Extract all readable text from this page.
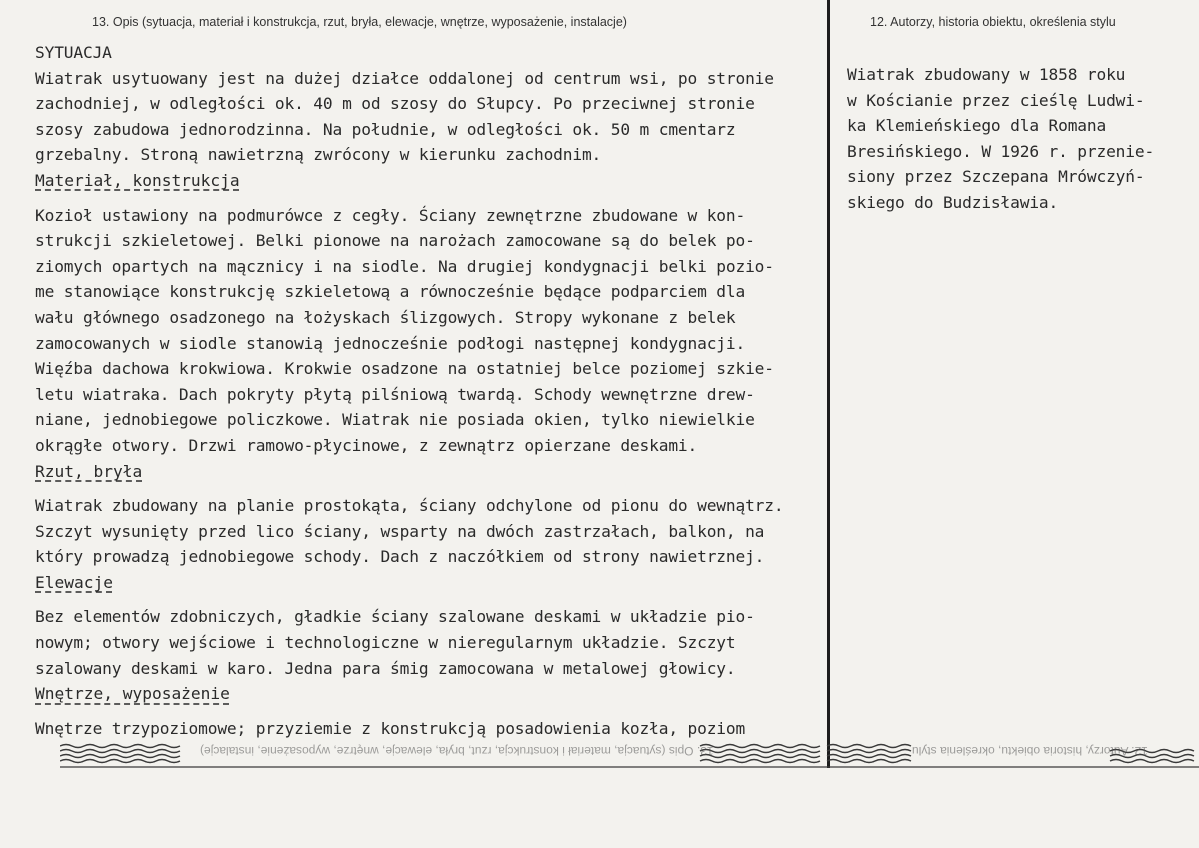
13. Opis (sytuacja, materiał i konstrukcja, rzut, bryła, elewacje, wnętrze, wyposażenie, instalacje)	12. Autorzy, historia obiektu, określenia stylu

SYTUACJA

Wiatrak usytuowany jest na dużej działce oddalonej od centrum wsi, po stronie

zachodniej, w odległości ok. 40 m od szosy do Słupcy. Po przeciwnej stronie

szosy zabudowa jednorodzinna. Na południe, w odległości ok. 50 m cmentarz

grzebalny. Stroną nawietrzną zwrócony w kierunku zachodnim.

Materiał, konstrukcja

Kozioł ustawiony na podmurówce z cegły. Ściany zewnętrzne zbudowane w kon-

strukcji szkieletowej. Belki pionowe na narożach zamocowane są do belek po-

ziomych opartych na mącznicy i na siodle. Na drugiej kondygnacji belki pozio-

me stanowiące konstrukcję szkieletową a równocześnie będące podparciem dla

wału głównego osadzonego na łożyskach ślizgowych. Stropy wykonane z belek

zamocowanych w siodle stanowią jednocześnie podłogi następnej kondygnacji.

Więźba dachowa krokwiowa. Krokwie osadzone na ostatniej belce poziomej szkie-

letu wiatraka. Dach pokryty płytą pilśniową twardą. Schody wewnętrzne drew-

niane, jednobiegowe policzkowe. Wiatrak nie posiada okien, tylko niewielkie

okrągłe otwory. Drzwi ramowo-płycinowe, z zewnątrz opierzane deskami.

Rzut, bryła

Wiatrak zbudowany na planie prostokąta, ściany odchylone od pionu do wewnątrz.

Szczyt wysunięty przed lico ściany, wsparty na dwóch zastrzałach, balkon, na

który prowadzą jednobiegowe schody. Dach z naczółkiem od strony nawietrznej.

Elewacje

Bez elementów zdobniczych, gładkie ściany szalowane deskami w układzie pio-

nowym; otwory wejściowe i technologiczne w nieregularnym układzie. Szczyt

szalowany deskami w karo. Jedna para śmig zamocowana w metalowej głowicy.

Wnętrze, wyposażenie

Wnętrze trzypoziomowe; przyziemie z konstrukcją posadowienia kozła, poziom

Wiatrak zbudowany w 1858 roku

w Kościanie przez cieślę Ludwi-

ka Klemieńskiego dla Romana

Bresińskiego. W 1926 r. przenie-

siony przez Szczepana Mrówczyń-

skiego do Budzisławia.

13. Opis (sytuacja, materiał i konstrukcja, rzut, bryła, elewacje, wnętrze, wyposażenie, instalacje)	12. Autorzy, historia obiektu, określenia stylu
